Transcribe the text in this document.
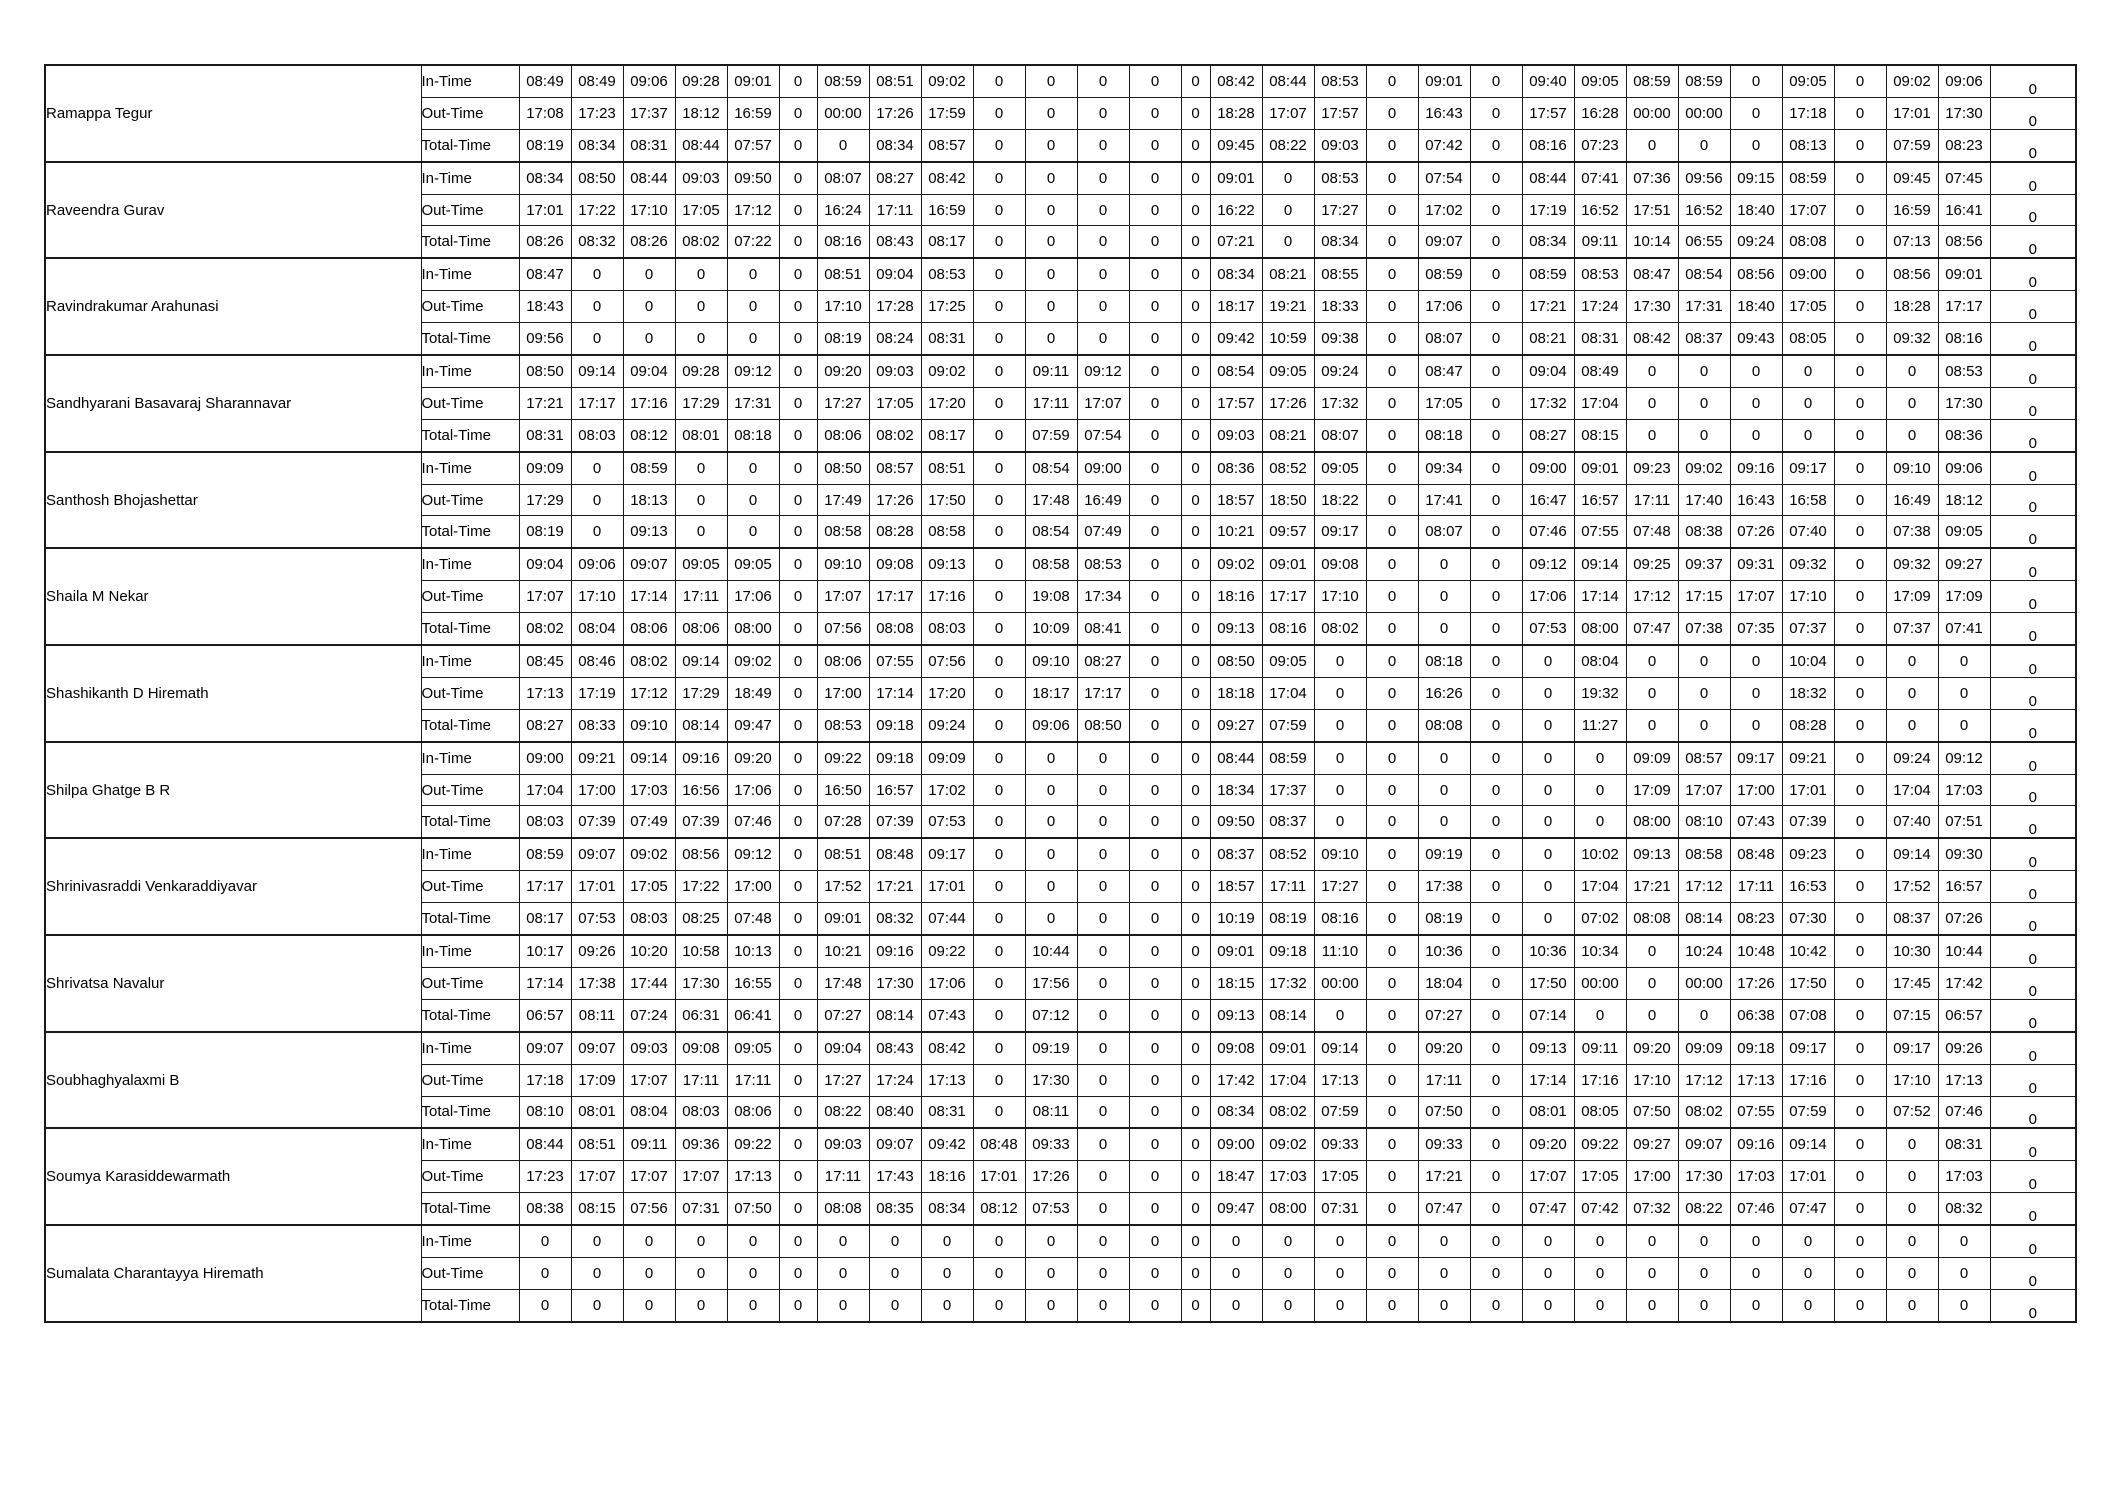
Ramappa Tegur	In-Time	08:49	08:49	09:06	09:28	09:01	0	08:59	08:51	09:02	0	0	0	0	0	08:42	08:44	08:53	0	09:01	0	09:40	09:05	08:59	08:59	0	09:05	0	09:02	09:06	0
	Out-Time	17:08	17:23	17:37	18:12	16:59	0	00:00	17:26	17:59	0	0	0	0	0	18:28	17:07	17:57	0	16:43	0	17:57	16:28	00:00	00:00	0	17:18	0	17:01	17:30	0
	Total-Time	08:19	08:34	08:31	08:44	07:57	0	0	08:34	08:57	0	0	0	0	0	09:45	08:22	09:03	0	07:42	0	08:16	07:23	0	0	0	08:13	0	07:59	08:23	0
Raveendra Gurav	In-Time	08:34	08:50	08:44	09:03	09:50	0	08:07	08:27	08:42	0	0	0	0	0	09:01	0	08:53	0	07:54	0	08:44	07:41	07:36	09:56	09:15	08:59	0	09:45	07:45	0
	Out-Time	17:01	17:22	17:10	17:05	17:12	0	16:24	17:11	16:59	0	0	0	0	0	16:22	0	17:27	0	17:02	0	17:19	16:52	17:51	16:52	18:40	17:07	0	16:59	16:41	0
	Total-Time	08:26	08:32	08:26	08:02	07:22	0	08:16	08:43	08:17	0	0	0	0	0	07:21	0	08:34	0	09:07	0	08:34	09:11	10:14	06:55	09:24	08:08	0	07:13	08:56	0
Ravindrakumar Arahunasi	In-Time	08:47	0	0	0	0	0	08:51	09:04	08:53	0	0	0	0	0	08:34	08:21	08:55	0	08:59	0	08:59	08:53	08:47	08:54	08:56	09:00	0	08:56	09:01	0
	Out-Time	18:43	0	0	0	0	0	17:10	17:28	17:25	0	0	0	0	0	18:17	19:21	18:33	0	17:06	0	17:21	17:24	17:30	17:31	18:40	17:05	0	18:28	17:17	0
	Total-Time	09:56	0	0	0	0	0	08:19	08:24	08:31	0	0	0	0	0	09:42	10:59	09:38	0	08:07	0	08:21	08:31	08:42	08:37	09:43	08:05	0	09:32	08:16	0
Sandhyarani Basavaraj Sharannavar	In-Time	08:50	09:14	09:04	09:28	09:12	0	09:20	09:03	09:02	0	09:11	09:12	0	0	08:54	09:05	09:24	0	08:47	0	09:04	08:49	0	0	0	0	0	0	08:53	0
	Out-Time	17:21	17:17	17:16	17:29	17:31	0	17:27	17:05	17:20	0	17:11	17:07	0	0	17:57	17:26	17:32	0	17:05	0	17:32	17:04	0	0	0	0	0	0	17:30	0
	Total-Time	08:31	08:03	08:12	08:01	08:18	0	08:06	08:02	08:17	0	07:59	07:54	0	0	09:03	08:21	08:07	0	08:18	0	08:27	08:15	0	0	0	0	0	0	08:36	0
Santhosh Bhojashettar	In-Time	09:09	0	08:59	0	0	0	08:50	08:57	08:51	0	08:54	09:00	0	0	08:36	08:52	09:05	0	09:34	0	09:00	09:01	09:23	09:02	09:16	09:17	0	09:10	09:06	0
	Out-Time	17:29	0	18:13	0	0	0	17:49	17:26	17:50	0	17:48	16:49	0	0	18:57	18:50	18:22	0	17:41	0	16:47	16:57	17:11	17:40	16:43	16:58	0	16:49	18:12	0
	Total-Time	08:19	0	09:13	0	0	0	08:58	08:28	08:58	0	08:54	07:49	0	0	10:21	09:57	09:17	0	08:07	0	07:46	07:55	07:48	08:38	07:26	07:40	0	07:38	09:05	0
Shaila M Nekar	In-Time	09:04	09:06	09:07	09:05	09:05	0	09:10	09:08	09:13	0	08:58	08:53	0	0	09:02	09:01	09:08	0	0	0	09:12	09:14	09:25	09:37	09:31	09:32	0	09:32	09:27	0
	Out-Time	17:07	17:10	17:14	17:11	17:06	0	17:07	17:17	17:16	0	19:08	17:34	0	0	18:16	17:17	17:10	0	0	0	17:06	17:14	17:12	17:15	17:07	17:10	0	17:09	17:09	0
	Total-Time	08:02	08:04	08:06	08:06	08:00	0	07:56	08:08	08:03	0	10:09	08:41	0	0	09:13	08:16	08:02	0	0	0	07:53	08:00	07:47	07:38	07:35	07:37	0	07:37	07:41	0
Shashikanth D Hiremath	In-Time	08:45	08:46	08:02	09:14	09:02	0	08:06	07:55	07:56	0	09:10	08:27	0	0	08:50	09:05	0	0	08:18	0	0	08:04	0	0	0	10:04	0	0	0	0
	Out-Time	17:13	17:19	17:12	17:29	18:49	0	17:00	17:14	17:20	0	18:17	17:17	0	0	18:18	17:04	0	0	16:26	0	0	19:32	0	0	0	18:32	0	0	0	0
	Total-Time	08:27	08:33	09:10	08:14	09:47	0	08:53	09:18	09:24	0	09:06	08:50	0	0	09:27	07:59	0	0	08:08	0	0	11:27	0	0	0	08:28	0	0	0	0
Shilpa Ghatge B R	In-Time	09:00	09:21	09:14	09:16	09:20	0	09:22	09:18	09:09	0	0	0	0	0	08:44	08:59	0	0	0	0	0	0	09:09	08:57	09:17	09:21	0	09:24	09:12	0
	Out-Time	17:04	17:00	17:03	16:56	17:06	0	16:50	16:57	17:02	0	0	0	0	0	18:34	17:37	0	0	0	0	0	0	17:09	17:07	17:00	17:01	0	17:04	17:03	0
	Total-Time	08:03	07:39	07:49	07:39	07:46	0	07:28	07:39	07:53	0	0	0	0	0	09:50	08:37	0	0	0	0	0	0	08:00	08:10	07:43	07:39	0	07:40	07:51	0
Shrinivasraddi Venkaraddiyavar	In-Time	08:59	09:07	09:02	08:56	09:12	0	08:51	08:48	09:17	0	0	0	0	0	08:37	08:52	09:10	0	09:19	0	0	10:02	09:13	08:58	08:48	09:23	0	09:14	09:30	0
	Out-Time	17:17	17:01	17:05	17:22	17:00	0	17:52	17:21	17:01	0	0	0	0	0	18:57	17:11	17:27	0	17:38	0	0	17:04	17:21	17:12	17:11	16:53	0	17:52	16:57	0
	Total-Time	08:17	07:53	08:03	08:25	07:48	0	09:01	08:32	07:44	0	0	0	0	0	10:19	08:19	08:16	0	08:19	0	0	07:02	08:08	08:14	08:23	07:30	0	08:37	07:26	0
Shrivatsa Navalur	In-Time	10:17	09:26	10:20	10:58	10:13	0	10:21	09:16	09:22	0	10:44	0	0	0	09:01	09:18	11:10	0	10:36	0	10:36	10:34	0	10:24	10:48	10:42	0	10:30	10:44	0
	Out-Time	17:14	17:38	17:44	17:30	16:55	0	17:48	17:30	17:06	0	17:56	0	0	0	18:15	17:32	00:00	0	18:04	0	17:50	00:00	0	00:00	17:26	17:50	0	17:45	17:42	0
	Total-Time	06:57	08:11	07:24	06:31	06:41	0	07:27	08:14	07:43	0	07:12	0	0	0	09:13	08:14	0	0	07:27	0	07:14	0	0	0	06:38	07:08	0	07:15	06:57	0
Soubhaghyalaxmi B	In-Time	09:07	09:07	09:03	09:08	09:05	0	09:04	08:43	08:42	0	09:19	0	0	0	09:08	09:01	09:14	0	09:20	0	09:13	09:11	09:20	09:09	09:18	09:17	0	09:17	09:26	0
	Out-Time	17:18	17:09	17:07	17:11	17:11	0	17:27	17:24	17:13	0	17:30	0	0	0	17:42	17:04	17:13	0	17:11	0	17:14	17:16	17:10	17:12	17:13	17:16	0	17:10	17:13	0
	Total-Time	08:10	08:01	08:04	08:03	08:06	0	08:22	08:40	08:31	0	08:11	0	0	0	08:34	08:02	07:59	0	07:50	0	08:01	08:05	07:50	08:02	07:55	07:59	0	07:52	07:46	0
Soumya Karasiddewarmath	In-Time	08:44	08:51	09:11	09:36	09:22	0	09:03	09:07	09:42	08:48	09:33	0	0	0	09:00	09:02	09:33	0	09:33	0	09:20	09:22	09:27	09:07	09:16	09:14	0	0	08:31	0
	Out-Time	17:23	17:07	17:07	17:07	17:13	0	17:11	17:43	18:16	17:01	17:26	0	0	0	18:47	17:03	17:05	0	17:21	0	17:07	17:05	17:00	17:30	17:03	17:01	0	0	17:03	0
	Total-Time	08:38	08:15	07:56	07:31	07:50	0	08:08	08:35	08:34	08:12	07:53	0	0	0	09:47	08:00	07:31	0	07:47	0	07:47	07:42	07:32	08:22	07:46	07:47	0	0	08:32	0
Sumalata Charantayya Hiremath	In-Time	0	0	0	0	0	0	0	0	0	0	0	0	0	0	0	0	0	0	0	0	0	0	0	0	0	0	0	0	0	0
	Out-Time	0	0	0	0	0	0	0	0	0	0	0	0	0	0	0	0	0	0	0	0	0	0	0	0	0	0	0	0	0	0
	Total-Time	0	0	0	0	0	0	0	0	0	0	0	0	0	0	0	0	0	0	0	0	0	0	0	0	0	0	0	0	0	0
